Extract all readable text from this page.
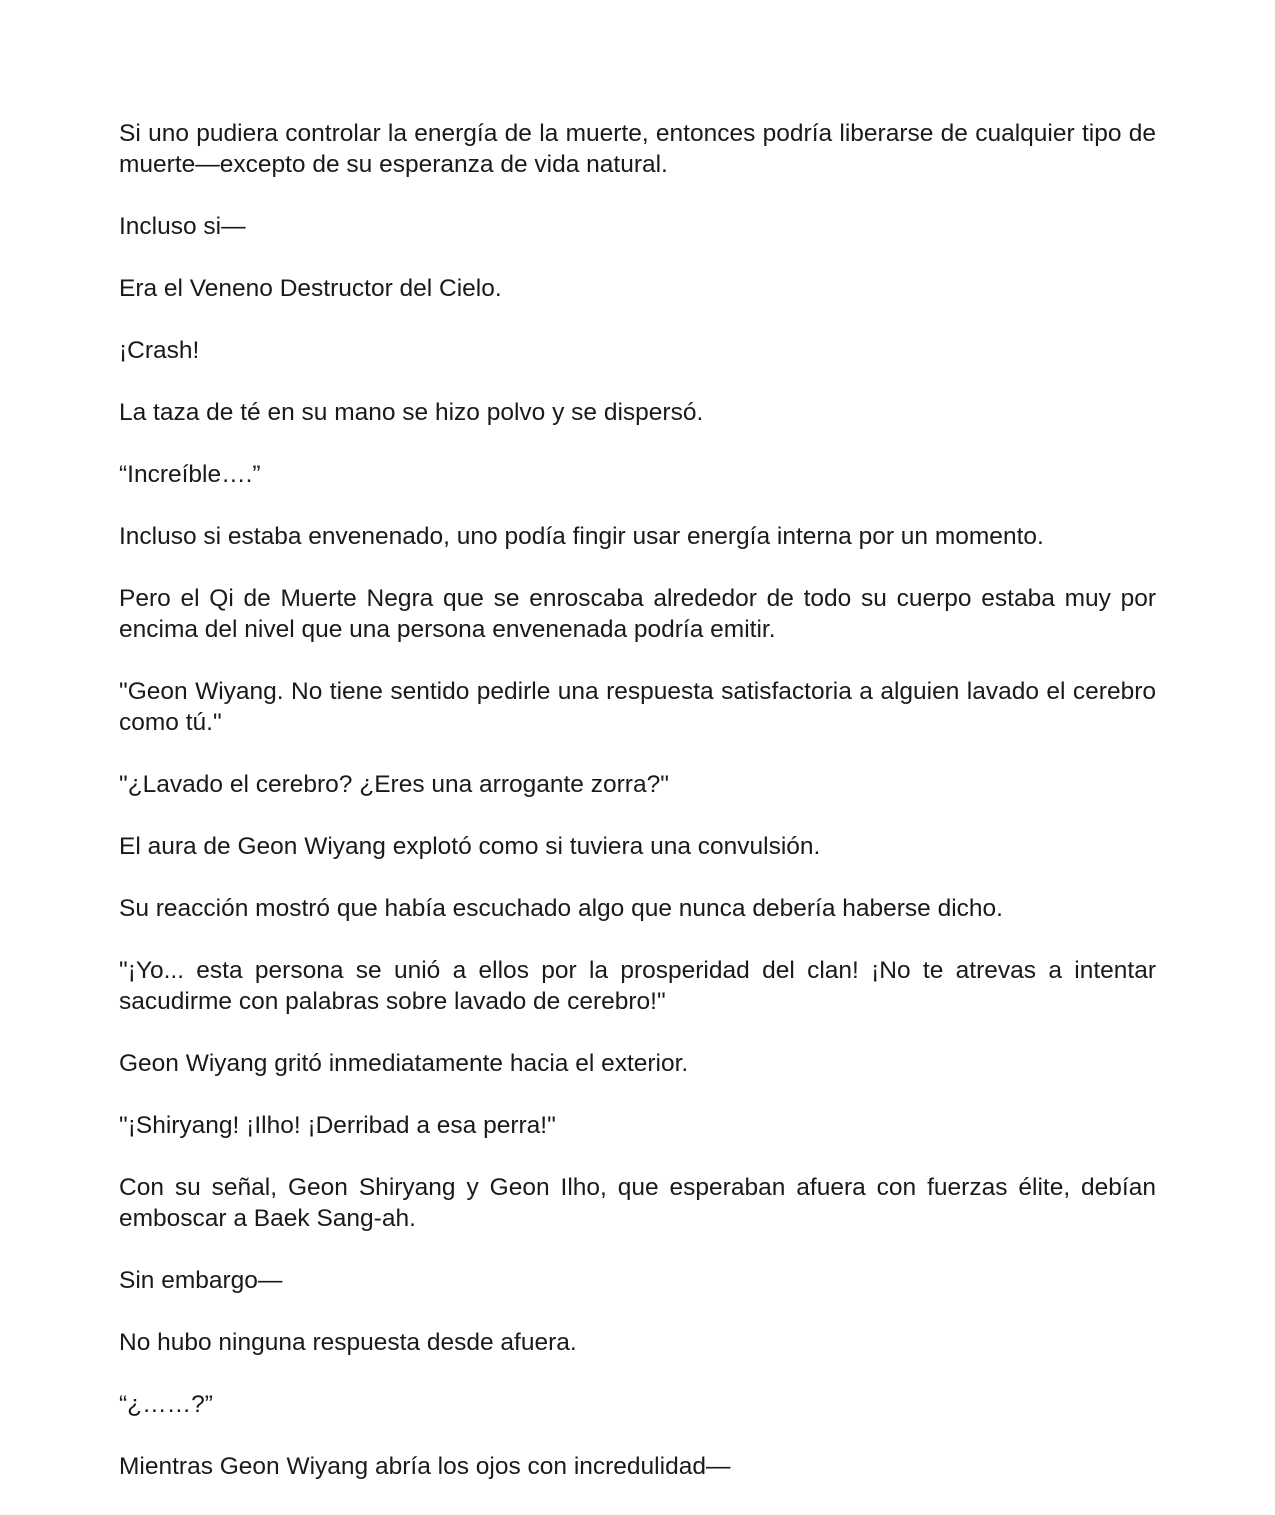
Si uno pudiera controlar la energía de la muerte, entonces podría liberarse de cualquier tipo de muerte—excepto de su esperanza de vida natural.

Incluso si—

Era el Veneno Destructor del Cielo.

¡Crash!

La taza de té en su mano se hizo polvo y se dispersó.

“Increíble….”

Incluso si estaba envenenado, uno podía fingir usar energía interna por un momento.

Pero el Qi de Muerte Negra que se enroscaba alrededor de todo su cuerpo estaba muy por encima del nivel que una persona envenenada podría emitir.

"Geon Wiyang. No tiene sentido pedirle una respuesta satisfactoria a alguien lavado el cerebro como tú."

"¿Lavado el cerebro? ¿Eres una arrogante zorra?"

El aura de Geon Wiyang explotó como si tuviera una convulsión.

Su reacción mostró que había escuchado algo que nunca debería haberse dicho.

"¡Yo... esta persona se unió a ellos por la prosperidad del clan! ¡No te atrevas a intentar sacudirme con palabras sobre lavado de cerebro!"

Geon Wiyang gritó inmediatamente hacia el exterior.

"¡Shiryang! ¡Ilho! ¡Derribad a esa perra!"

Con su señal, Geon Shiryang y Geon Ilho, que esperaban afuera con fuerzas élite, debían emboscar a Baek Sang-ah.

Sin embargo—

No hubo ninguna respuesta desde afuera.

“¿……?”

Mientras Geon Wiyang abría los ojos con incredulidad—
